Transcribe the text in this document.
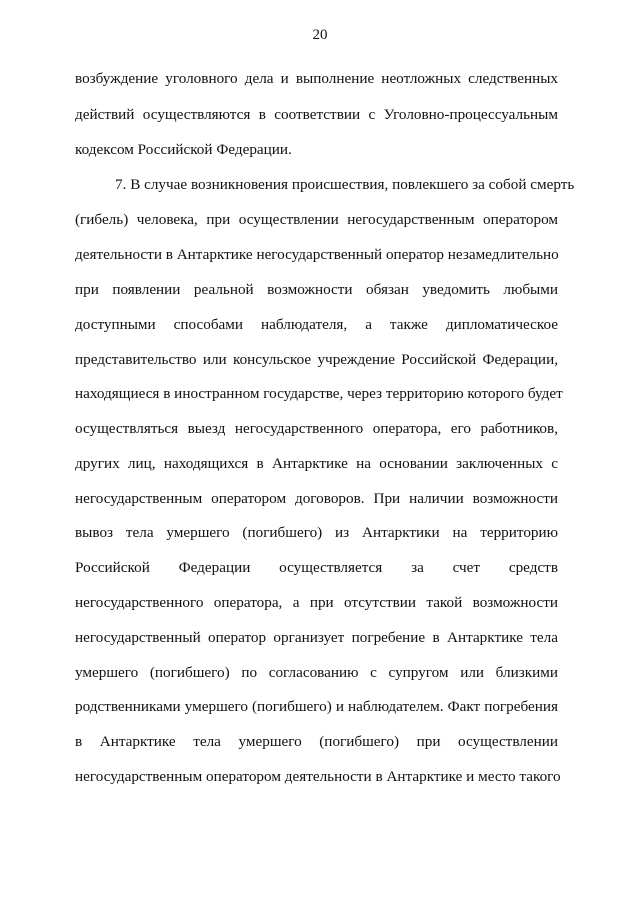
20
возбуждение уголовного дела и выполнение неотложных следственных
действий осуществляются в соответствии с Уголовно-процессуальным
кодексом Российской Федерации.
7. В случае возникновения происшествия, повлекшего за собой смерть
(гибель) человека, при осуществлении негосударственным оператором
деятельности в Антарктике негосударственный оператор незамедлительно
при появлении реальной возможности обязан уведомить любыми
доступными способами наблюдателя, а также дипломатическое
представительство или консульское учреждение Российской Федерации,
находящиеся в иностранном государстве, через территорию которого будет
осуществляться выезд негосударственного оператора, его работников,
других лиц, находящихся в Антарктике на основании заключенных с
негосударственным оператором договоров. При наличии возможности
вывоз тела умершего (погибшего) из Антарктики на территорию
Российской Федерации осуществляется за счет средств
негосударственного оператора, а при отсутствии такой возможности
негосударственный оператор организует погребение в Антарктике тела
умершего (погибшего) по согласованию с супругом или близкими
родственниками умершего (погибшего) и наблюдателем. Факт погребения
в Антарктике тела умершего (погибшего) при осуществлении
негосударственным оператором деятельности в Антарктике и место такого
